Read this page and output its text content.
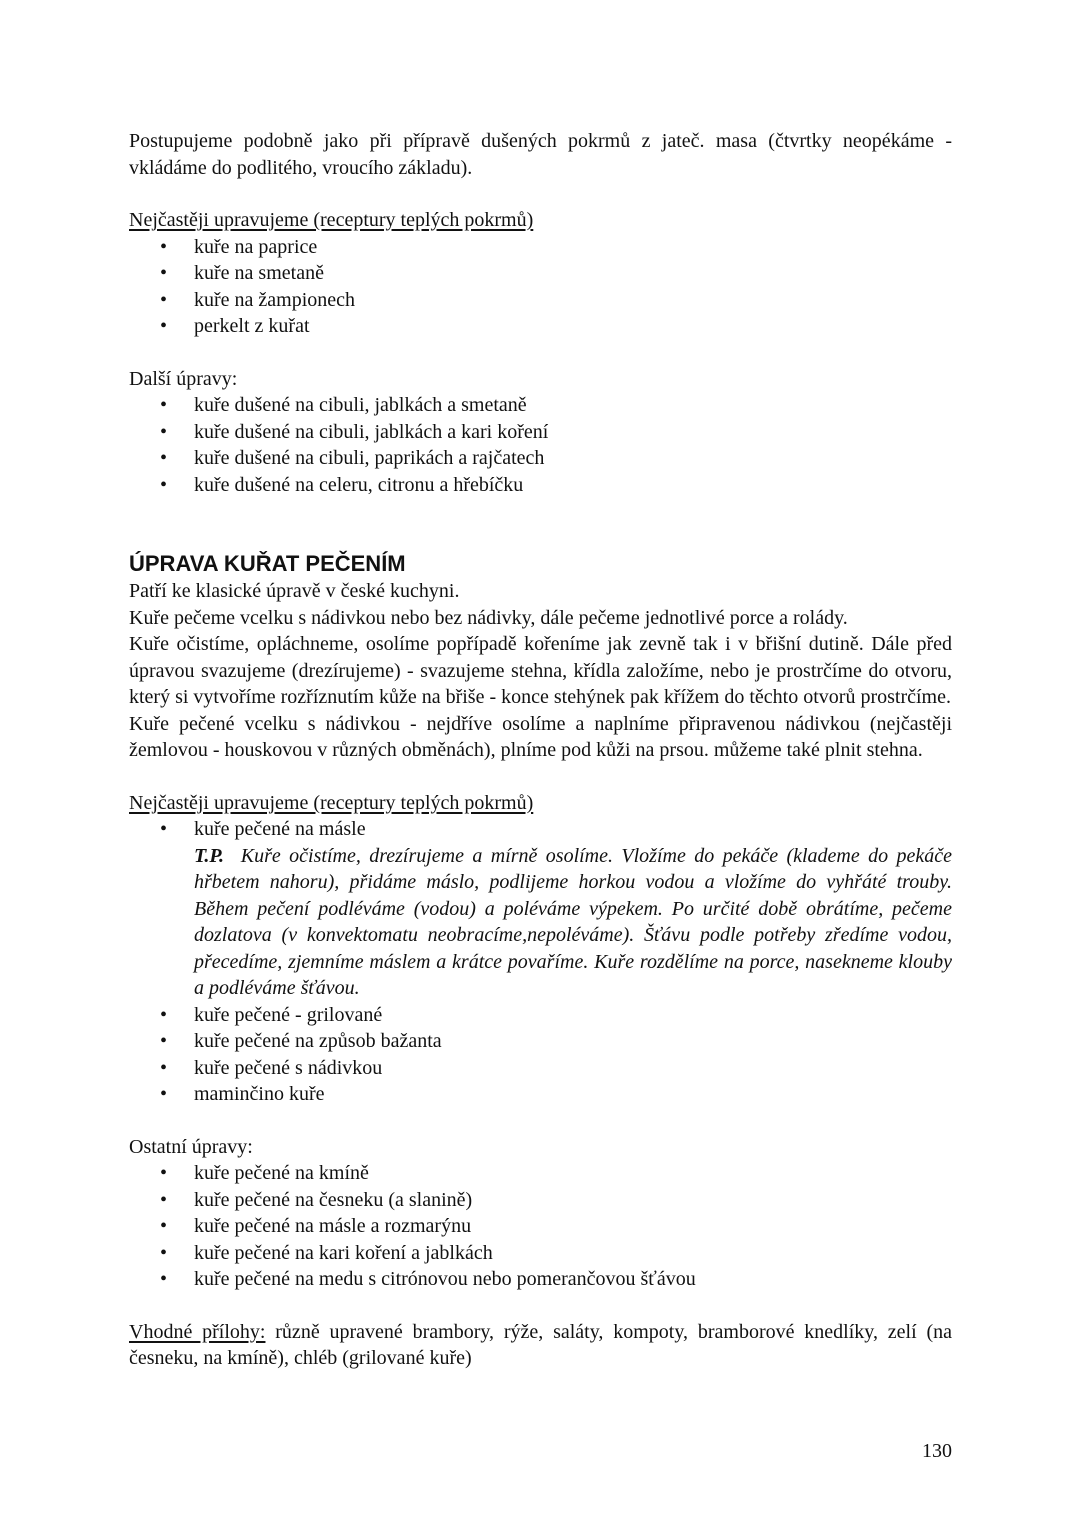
Postupujeme podobně jako při přípravě dušených pokrmů z jateč. masa (čtvrtky neopékáme - vkládáme do podlitého, vroucího základu).

Nejčastěji upravujeme (receptury teplých pokrmů)

• kuře na paprice
• kuře na smetaně
• kuře na žampionech
• perkelt z kuřat

Další úpravy:

• kuře dušené na cibuli, jablkách a smetaně
• kuře dušené na cibuli, jablkách a kari koření
• kuře dušené na cibuli, paprikách a rajčatech
• kuře dušené na celeru, citronu a hřebíčku
ÚPRAVA KUŘAT PEČENÍM

Patří ke klasické úpravě v české kuchyni.

Kuře pečeme vcelku s nádivkou nebo bez nádivky, dále pečeme jednotlivé porce a rolády.

Kuře očistíme, opláchneme, osolíme popřípadě kořeníme jak zevně tak i v břišní dutině. Dále před úpravou svazujeme (drezírujeme) - svazujeme stehna, křídla založíme, nebo je prostrčíme do otvoru, který si vytvoříme rozříznutím kůže na břiše - konce stehýnek pak křížem do těchto otvorů prostrčíme.

Kuře pečené vcelku s nádivkou - nejdříve osolíme a naplníme připravenou nádivkou (nejčastěji žemlovou - houskovou v různých obměnách), plníme pod kůži na prsou. můžeme také plnit stehna.

Nejčastěji upravujeme (receptury teplých pokrmů)

• kuře pečené na másle
T.P. Kuře očistíme, drezírujeme a mírně osolíme. Vložíme do pekáče (klademe do pekáče hřbetem nahoru), přidáme máslo, podlijeme horkou vodou a vložíme do vyhřáté trouby. Během pečení podléváme (vodou) a poléváme výpekem. Po určité době obrátíme, pečeme dozlatova (v konvektomatu neobracíme,nepoléváme). Šťávu podle potřeby zředíme vodou, přecedíme, zjemníme máslem a krátce povaříme. Kuře rozdělíme na porce, nasekneme klouby a podléváme šťávou.
• kuře pečené - grilované
• kuře pečené na způsob bažanta
• kuře pečené s nádivkou
• maminčino kuře

Ostatní úpravy:

• kuře pečené na kmíně
• kuře pečené na česneku (a slanině)
• kuře pečené na másle a rozmarýnu
• kuře pečené na kari koření a jablkách
• kuře pečené na medu s citrónovou nebo pomerančovou šťávou

Vhodné přílohy: různě upravené brambory, rýže, saláty, kompoty, bramborové knedlíky, zelí (na česneku, na kmíně), chléb (grilované kuře)

130
